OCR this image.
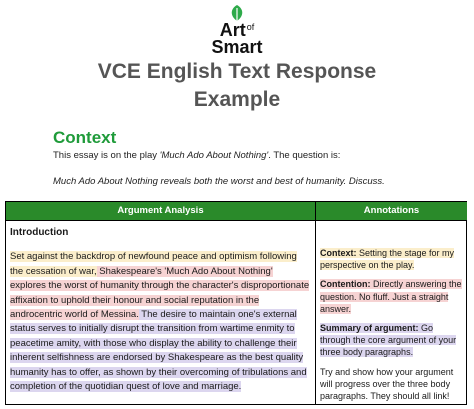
Art$^{of}$
Smart
VCE English Text Response
Example
Context
This essay is on the play 'Much Ado About Nothing'. The question is:
Much Ado About Nothing reveals both the worst and best of humanity. Discuss.
Argument Analysis	Annotations
Introduction
Set against the backdrop of newfound peace and optimism following the cessation of war, Shakespeare's 'Much Ado About Nothing' explores the worst of humanity through the character's disproportionate affixation to uphold their honour and social reputation in the androcentric world of Messina. The desire to maintain one's external status serves to initially disrupt the transition from wartime enmity to peacetime amity, with those who display the ability to challenge their inherent selfishness are endorsed by Shakespeare as the best quality humanity has to offer, as shown by their overcoming of tribulations and completion of the quotidian quest of love and marriage.
Context: Setting the stage for my perspective on the play.
Contention: Directly answering the question. No fluff. Just a straight answer.
Summary of argument: Go through the core argument of your three body paragraphs.
Try and show how your argument will progress over the three body paragraphs. They should all link!
